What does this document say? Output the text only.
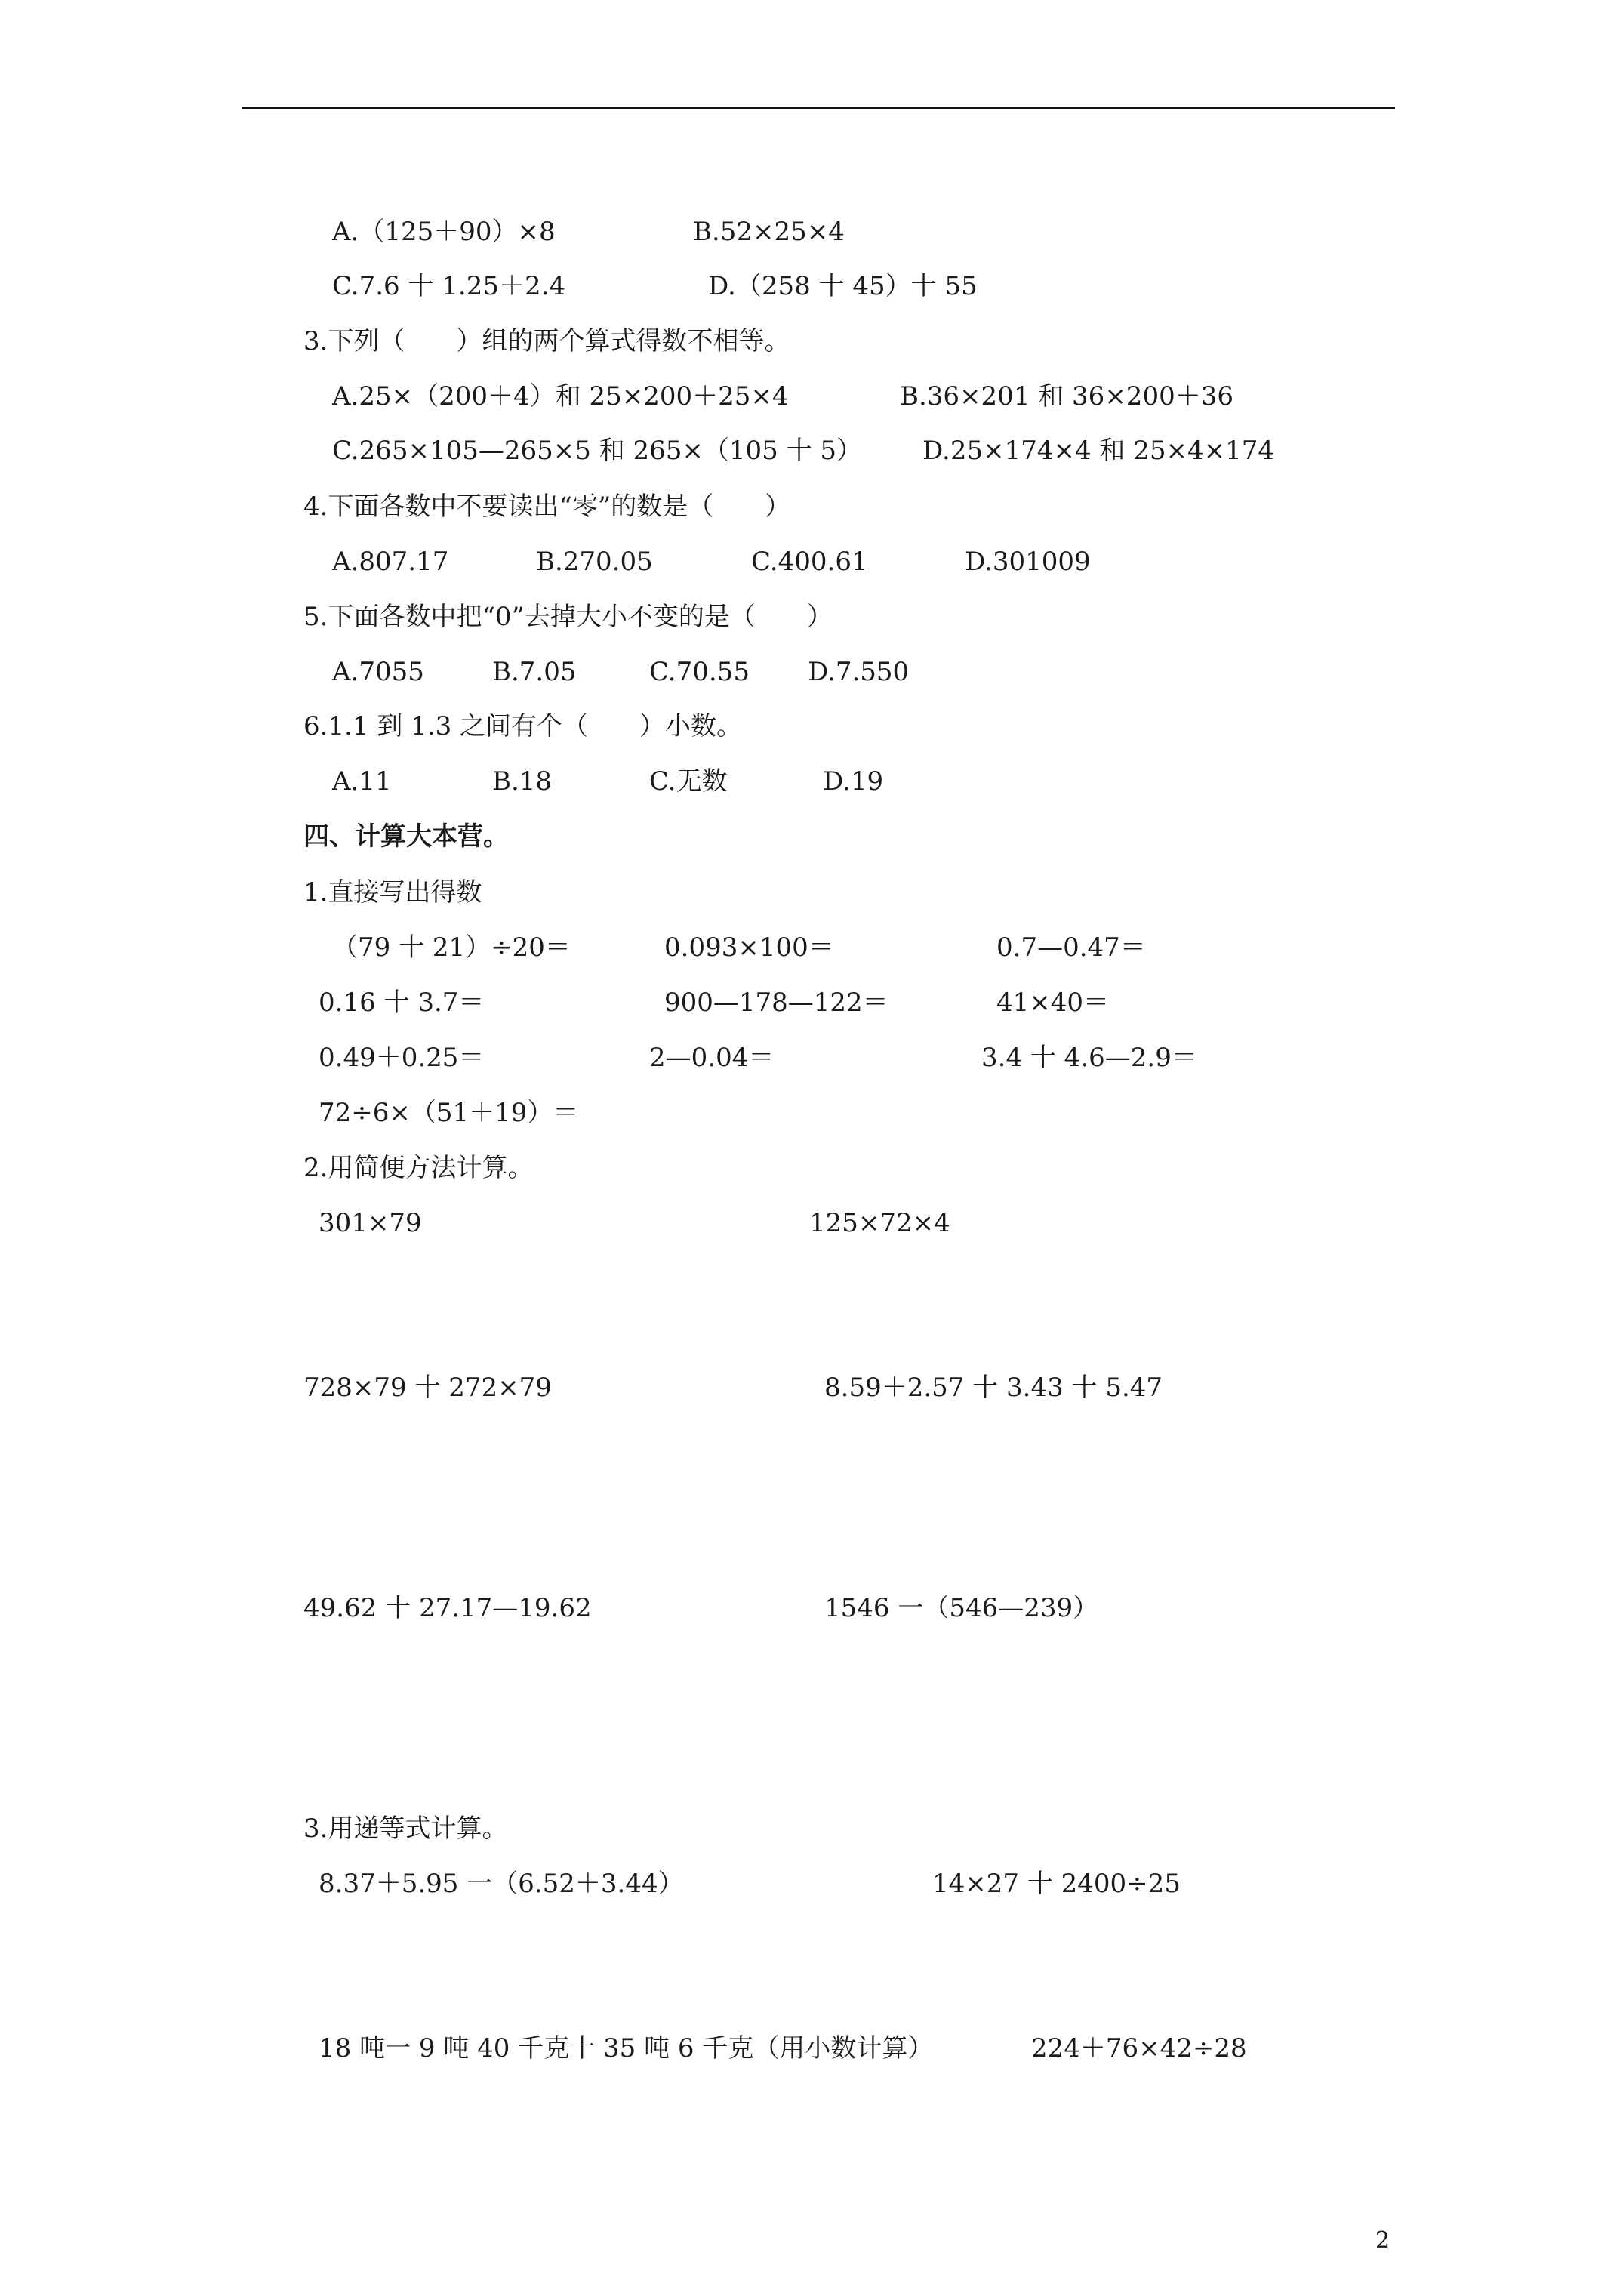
A.（125＋90）×8	B.52×25×4
C.7.6 十 1.25＋2.4	D.（258 十 45）十 55
3.下列（　　）组的两个算式得数不相等。
A.25×（200＋4）和 25×200＋25×4	B.36×201 和 36×200＋36
C.265×105—265×5 和 265×（105 十 5） D.25×174×4 和 25×4×174
4.下面各数中不要读出“零”的数是（　　）
A.807.17	B.270.05	C.400.61	D.301009
5.下面各数中把“0”去掉大小不变的是（　　）
A.7055	B.7.05	C.70.55 D.7.550
6.1.1 到 1.3 之间有个（　　）小数。
A.11	B.18	C.无数	D.19
四、计算大本营。
1.直接写出得数
（79 十 21）÷20＝	0.093×100＝	0.7—0.47＝
0.16 十 3.7＝	900—178—122＝	41×40＝
0.49＋0.25＝	2—0.04＝	3.4 十 4.6—2.9＝
72÷6×（51＋19）＝
2.用简便方法计算。
301×79	125×72×4
728×79 十 272×79	8.59＋2.57 十 3.43 十 5.47
49.62 十 27.17—19.62	1546 一（546—239）
3.用递等式计算。
8.37＋5.95 一（6.52＋3.44）	14×27 十 2400÷25
18 吨一 9 吨 40 千克十 35 吨 6 千克（用小数计算）	224＋76×42÷28
2
